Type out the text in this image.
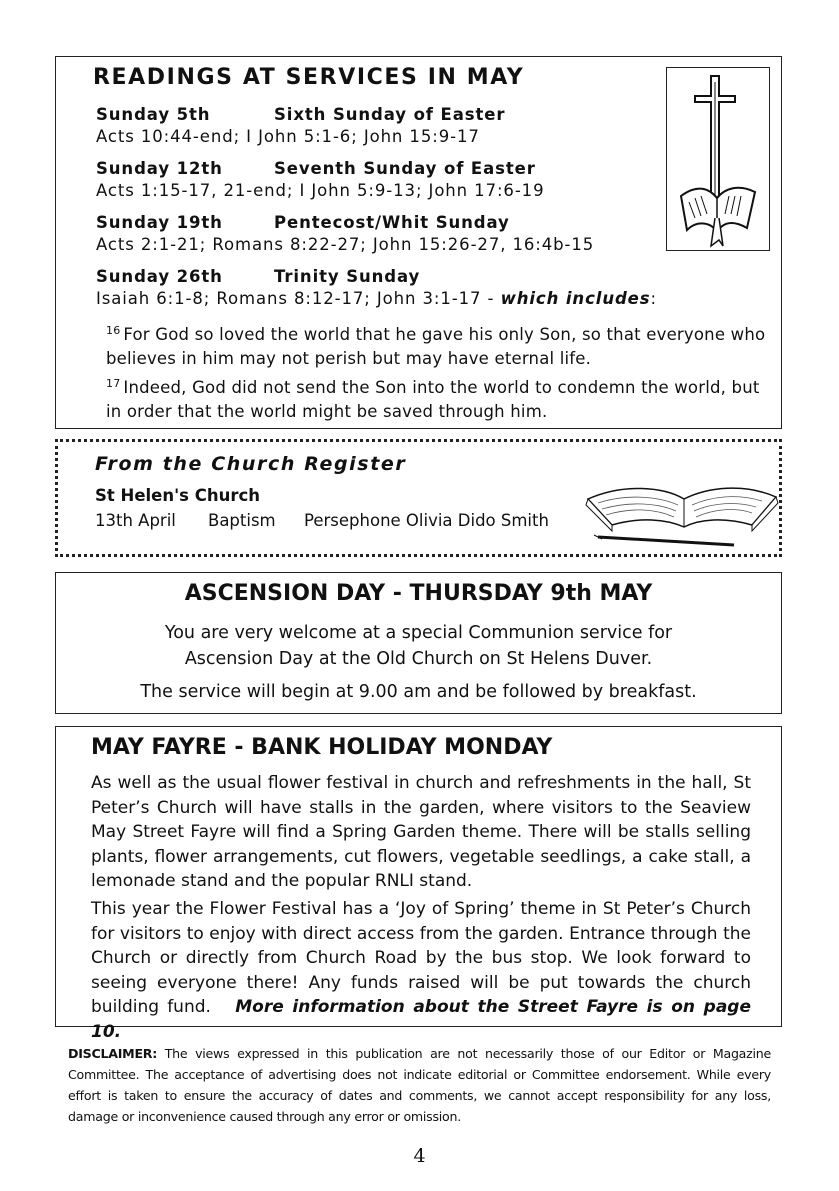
READINGS AT SERVICES IN MAY
Sunday 5th	Sixth Sunday of Easter
Acts 10:44-end; I John 5:1-6; John 15:9-17
Sunday 12th	Seventh Sunday of Easter
Acts 1:15-17, 21-end; I John 5:9-13; John 17:6-19
Sunday 19th	Pentecost/Whit Sunday
Acts 2:1-21; Romans 8:22-27; John 15:26-27, 16:4b-15
Sunday 26th	Trinity Sunday
Isaiah 6:1-8; Romans 8:12-17; John 3:1-17 - which includes:
$^{16}$ For God so loved the world that he gave his only Son, so that everyone who believes in him may not perish but may have eternal life.
$^{17}$ Indeed, God did not send the Son into the world to condemn the world, but in order that the world might be saved through him.
From the Church Register
St Helen's Church
13th April Baptism Persephone Olivia Dido Smith
ASCENSION DAY - THURSDAY 9th MAY
You are very welcome at a special Communion service for
Ascension Day at the Old Church on St Helens Duver.
The service will begin at 9.00 am and be followed by breakfast.
MAY FAYRE - BANK HOLIDAY MONDAY
As well as the usual flower festival in church and refreshments in the hall, St Peter’s Church will have stalls in the garden, where visitors to the Seaview May Street Fayre will find a Spring Garden theme. There will be stalls selling plants, flower arrangements, cut flowers, vegetable seedlings, a cake stall, a lemonade stand and the popular RNLI stand.
This year the Flower Festival has a ‘Joy of Spring’ theme in St Peter’s Church for visitors to enjoy with direct access from the garden. Entrance through the Church or directly from Church Road by the bus stop. We look forward to seeing everyone there! Any funds raised will be put towards the church building fund. More information about the Street Fayre is on page 10.
DISCLAIMER: The views expressed in this publication are not necessarily those of our Editor or Magazine Committee. The acceptance of advertising does not indicate editorial or Committee endorsement. While every effort is taken to ensure the accuracy of dates and comments, we cannot accept responsibility for any loss, damage or inconvenience caused through any error or omission.
4
